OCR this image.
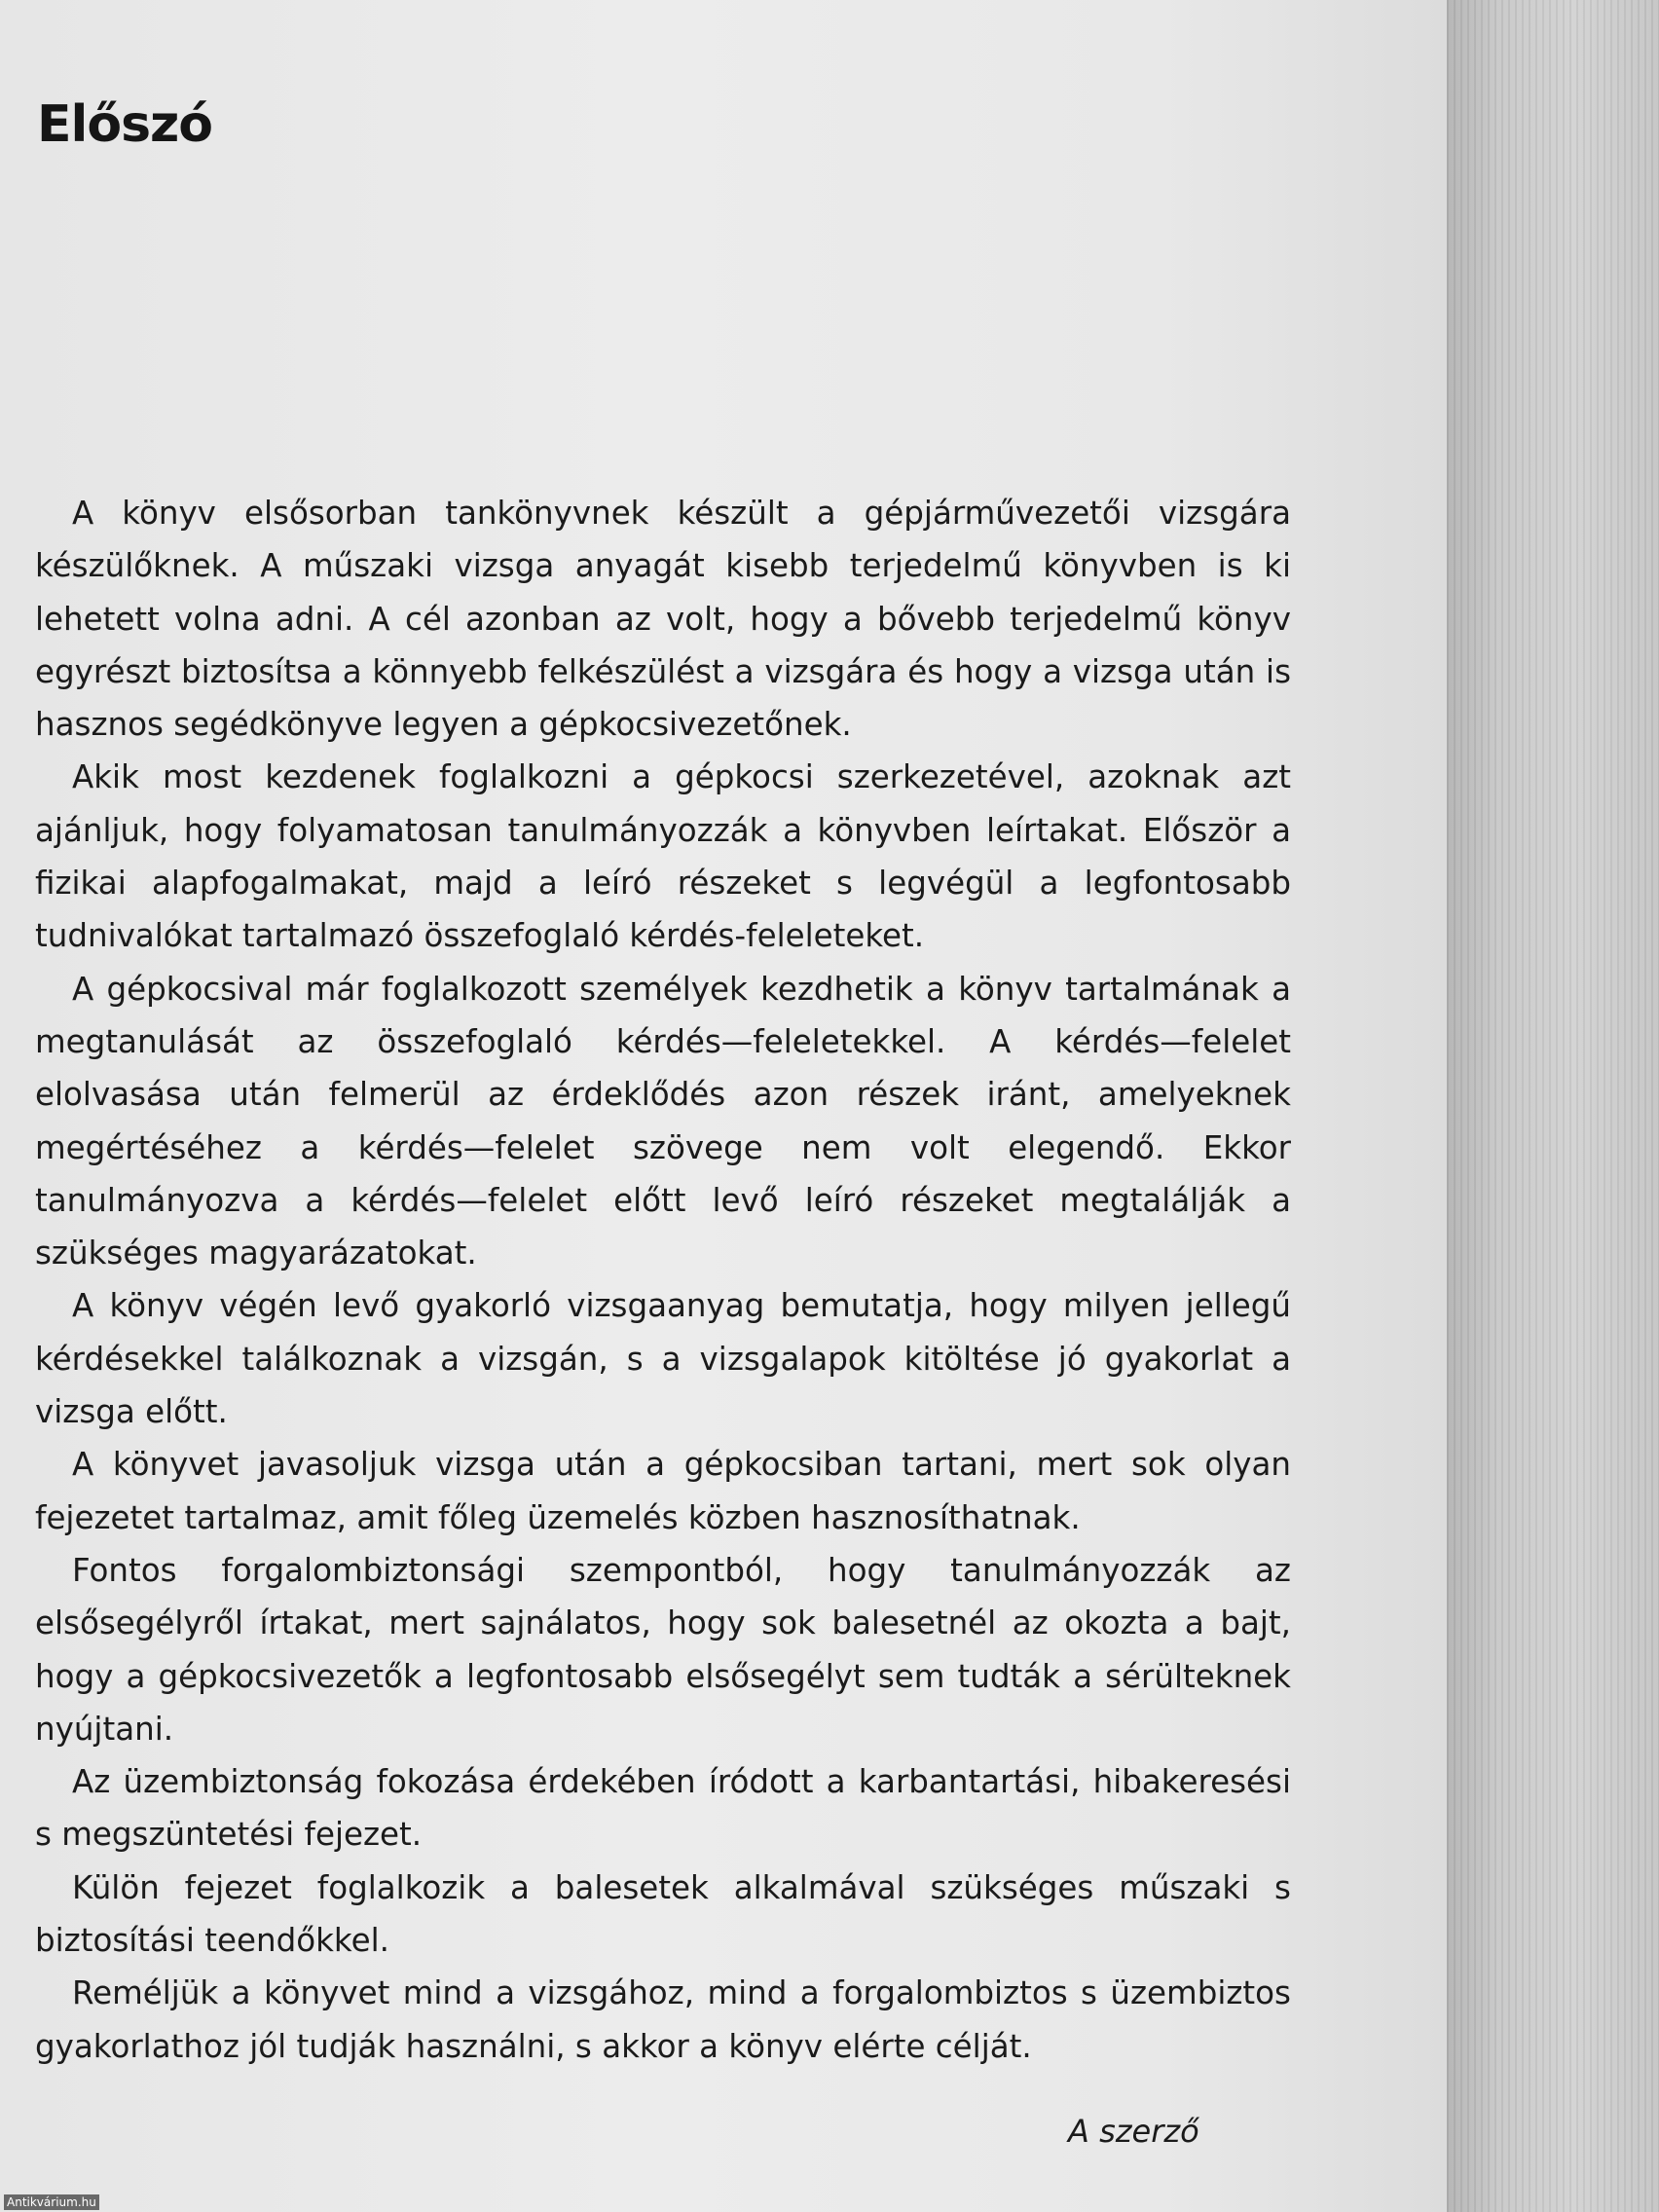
Előszó

A könyv elsősorban tankönyvnek készült a gépjárművezetői vizsgára készülőknek. A műszaki vizsga anyagát kisebb terjedelmű könyvben is ki lehetett volna adni. A cél azonban az volt, hogy a bővebb terjedelmű könyv egyrészt biztosítsa a könnyebb felkészülést a vizsgára és hogy a vizsga után is hasznos segédkönyve legyen a gépkocsivezetőnek.

Akik most kezdenek foglalkozni a gépkocsi szerkezetével, azoknak azt ajánljuk, hogy folyamatosan tanulmányozzák a könyvben leírtakat. Először a fizikai alapfogalmakat, majd a leíró részeket s legvégül a legfontosabb tudnivalókat tartalmazó összefoglaló kérdés-feleleteket.

A gépkocsival már foglalkozott személyek kezdhetik a könyv tartalmának a megtanulását az összefoglaló kérdés—feleletekkel. A kérdés—felelet elolvasása után felmerül az érdeklődés azon részek iránt, amelyeknek megértéséhez a kérdés—felelet szövege nem volt elegendő. Ekkor tanulmányozva a kérdés—felelet előtt levő leíró részeket megtalálják a szükséges magyarázatokat.

A könyv végén levő gyakorló vizsgaanyag bemutatja, hogy milyen jellegű kérdésekkel találkoznak a vizsgán, s a vizsgalapok kitöltése jó gyakorlat a vizsga előtt.

A könyvet javasoljuk vizsga után a gépkocsiban tartani, mert sok olyan fejezetet tartalmaz, amit főleg üzemelés közben hasznosíthatnak.

Fontos forgalombiztonsági szempontból, hogy tanulmányozzák az elsősegélyről írtakat, mert sajnálatos, hogy sok balesetnél az okozta a bajt, hogy a gépkocsivezetők a legfontosabb elsősegélyt sem tudták a sérülteknek nyújtani.

Az üzembiztonság fokozása érdekében íródott a karbantartási, hibakeresési s megszüntetési fejezet.

Külön fejezet foglalkozik a balesetek alkalmával szükséges műszaki s biztosítási teendőkkel.

Reméljük a könyvet mind a vizsgához, mind a forgalombiztos s üzembiztos gyakorlathoz jól tudják használni, s akkor a könyv elérte célját.

A szerző
Antikvárium.hu
